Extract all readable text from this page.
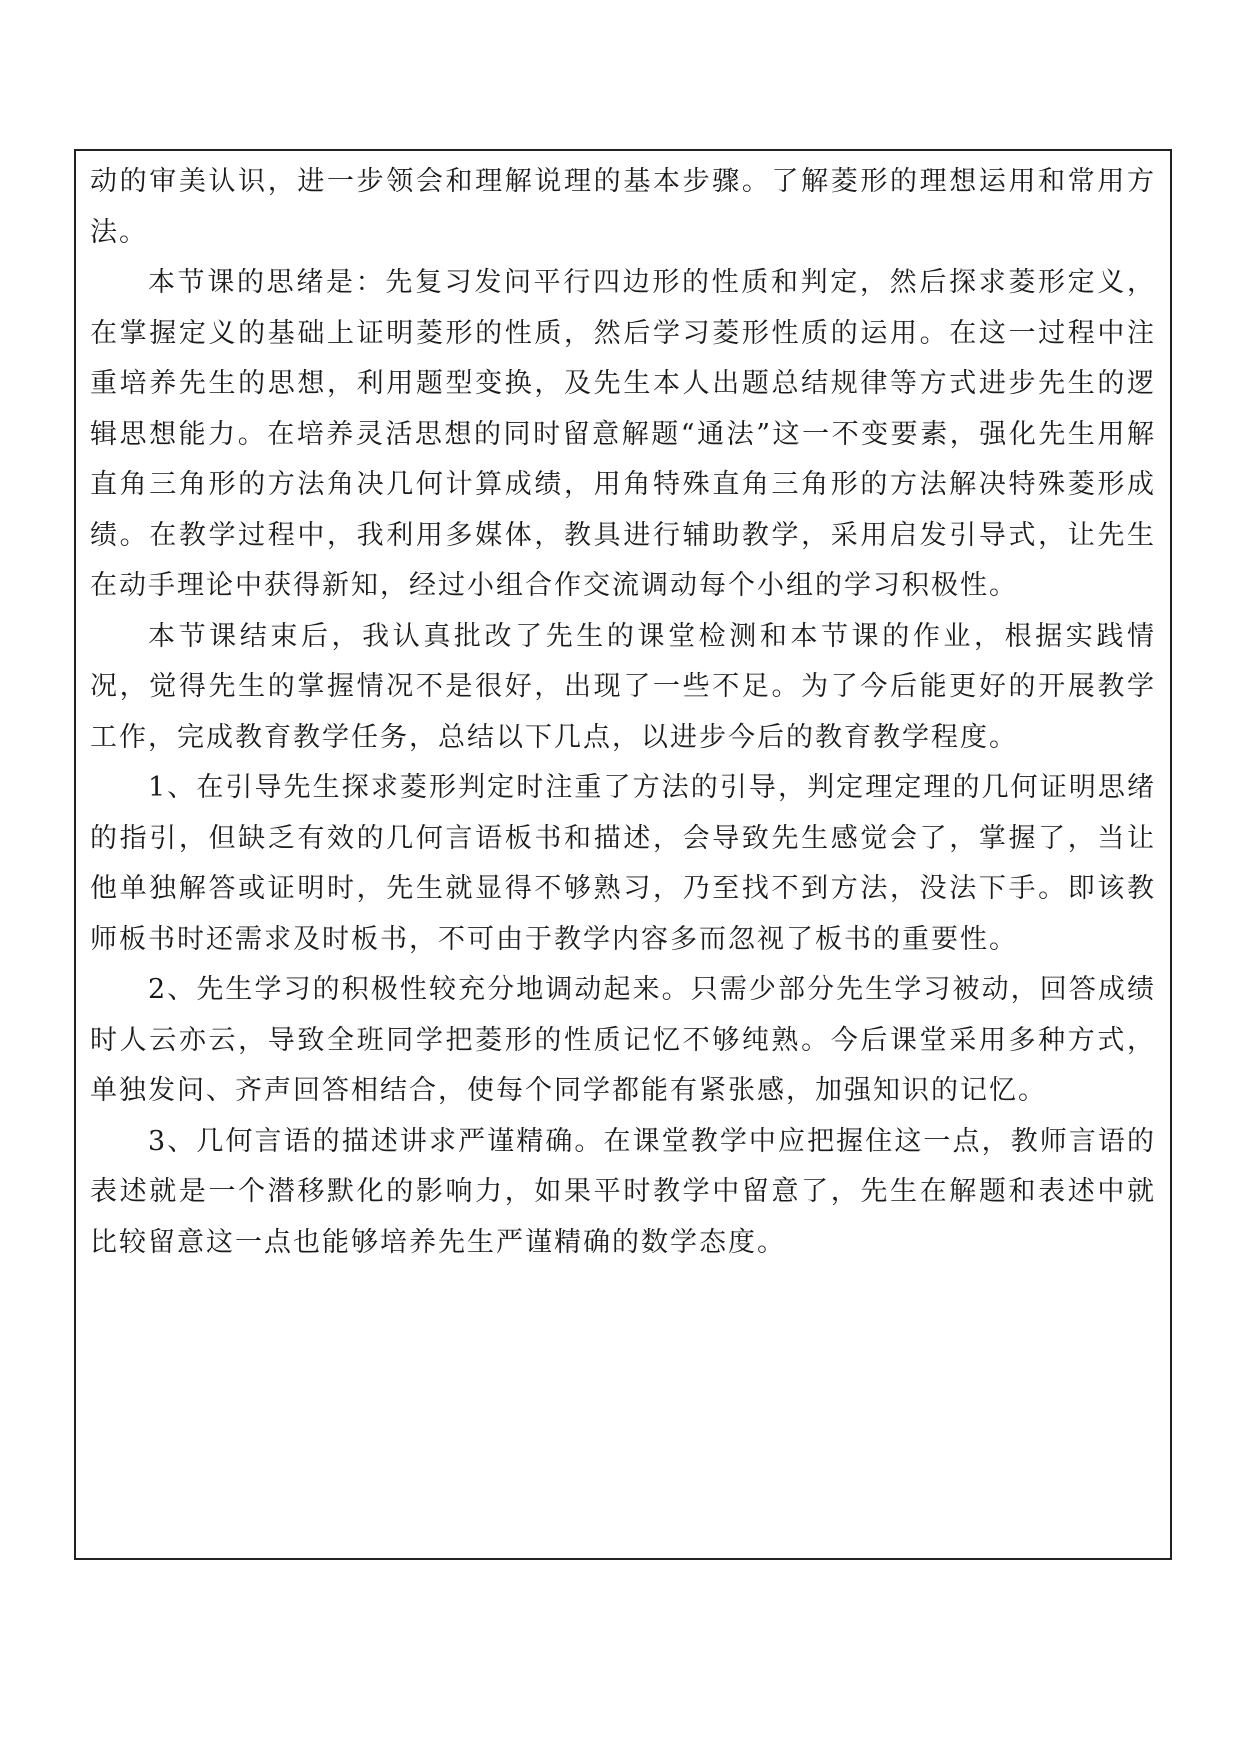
动的审美认识，进一步领会和理解说理的基本步骤。了解菱形的理想运用和常用方法。

本节课的思绪是：先复习发问平行四边形的性质和判定，然后探求菱形定义，在掌握定义的基础上证明菱形的性质，然后学习菱形性质的运用。在这一过程中注重培养先生的思想，利用题型变换，及先生本人出题总结规律等方式进步先生的逻辑思想能力。在培养灵活思想的同时留意解题“通法”这一不变要素，强化先生用解直角三角形的方法角决几何计算成绩，用角特殊直角三角形的方法解决特殊菱形成绩。在教学过程中，我利用多媒体，教具进行辅助教学，采用启发引导式，让先生在动手理论中获得新知，经过小组合作交流调动每个小组的学习积极性。

本节课结束后，我认真批改了先生的课堂检测和本节课的作业，根据实践情况，觉得先生的掌握情况不是很好，出现了一些不足。为了今后能更好的开展教学工作，完成教育教学任务，总结以下几点，以进步今后的教育教学程度。

1、在引导先生探求菱形判定时注重了方法的引导，判定理定理的几何证明思绪的指引，但缺乏有效的几何言语板书和描述，会导致先生感觉会了，掌握了，当让他单独解答或证明时，先生就显得不够熟习，乃至找不到方法，没法下手。即该教师板书时还需求及时板书，不可由于教学内容多而忽视了板书的重要性。

2、先生学习的积极性较充分地调动起来。只需少部分先生学习被动，回答成绩时人云亦云，导致全班同学把菱形的性质记忆不够纯熟。今后课堂采用多种方式，单独发问、齐声回答相结合，使每个同学都能有紧张感，加强知识的记忆。

3、几何言语的描述讲求严谨精确。在课堂教学中应把握住这一点，教师言语的表述就是一个潜移默化的影响力，如果平时教学中留意了，先生在解题和表述中就比较留意这一点也能够培养先生严谨精确的数学态度。
